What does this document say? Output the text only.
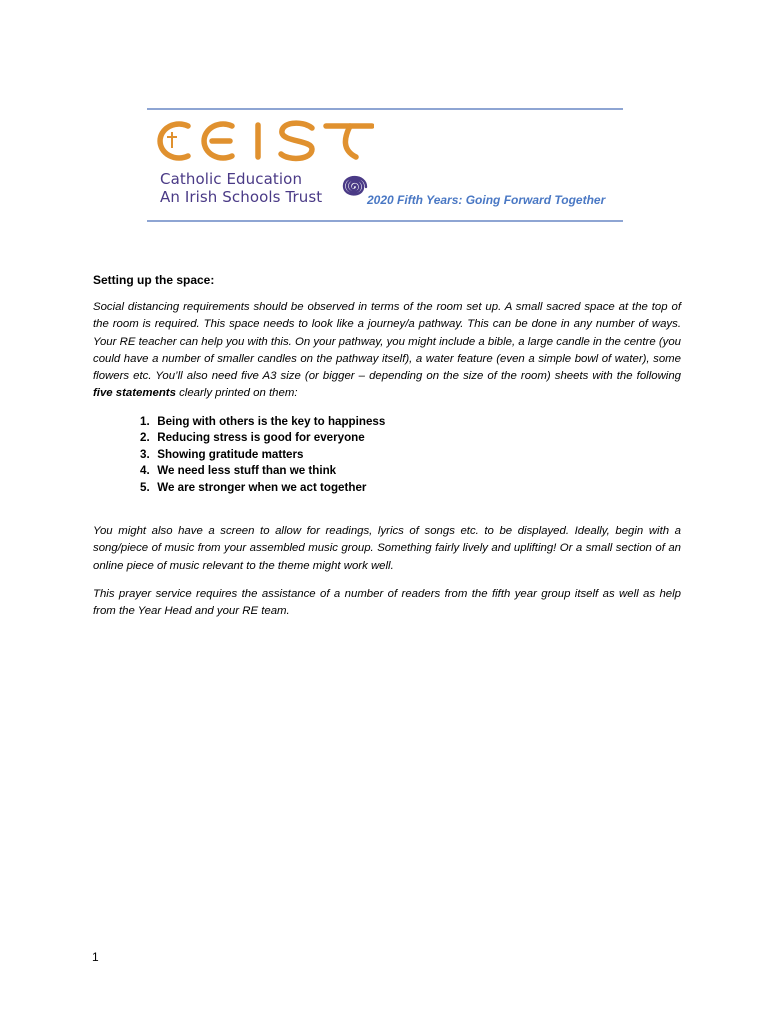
Catholic Education
An Irish Schools Trust	2020 Fifth Years: Going Forward Together
Setting up the space:
Social distancing requirements should be observed in terms of the room set up. A small sacred space at the top of the room is required. This space needs to look like a journey/a pathway. This can be done in any number of ways. Your RE teacher can help you with this. On your pathway, you might include a bible, a large candle in the centre (you could have a number of smaller candles on the pathway itself), a water feature (even a simple bowl of water), some flowers etc. You’ll also need five A3 size (or bigger – depending on the size of the room) sheets with the following five statements clearly printed on them:
1. Being with others is the key to happiness
2. Reducing stress is good for everyone
3. Showing gratitude matters
4. We need less stuff than we think
5. We are stronger when we act together
You might also have a screen to allow for readings, lyrics of songs etc. to be displayed. Ideally, begin with a song/piece of music from your assembled music group. Something fairly lively and uplifting! Or a small section of an online piece of music relevant to the theme might work well.
This prayer service requires the assistance of a number of readers from the fifth year group itself as well as help from the Year Head and your RE team.
1
